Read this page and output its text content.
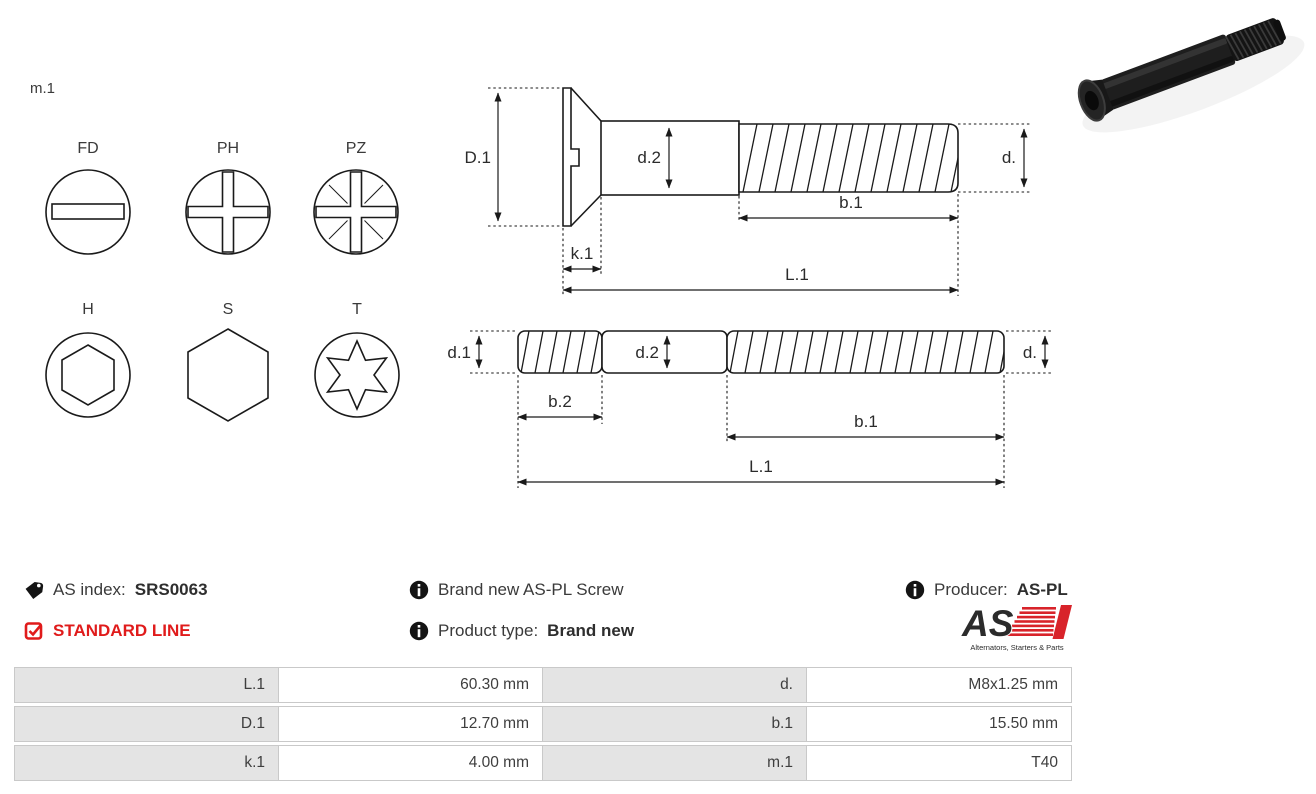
m.1
FD	PH	PZ
H	S	T
D.1	d.2	d.
k.1
b.1
L.1
d.1	d.2	d.
b.2
b.1
L.1
AS index: SRS0063
STANDARD LINE
Brand new AS-PL Screw
Product type: Brand new
Producer: AS-PL
AS
Alternators, Starters & Parts
L.1	60.30 mm	d.	M8x1.25 mm
D.1	12.70 mm	b.1	15.50 mm
k.1	4.00 mm	m.1	T40
